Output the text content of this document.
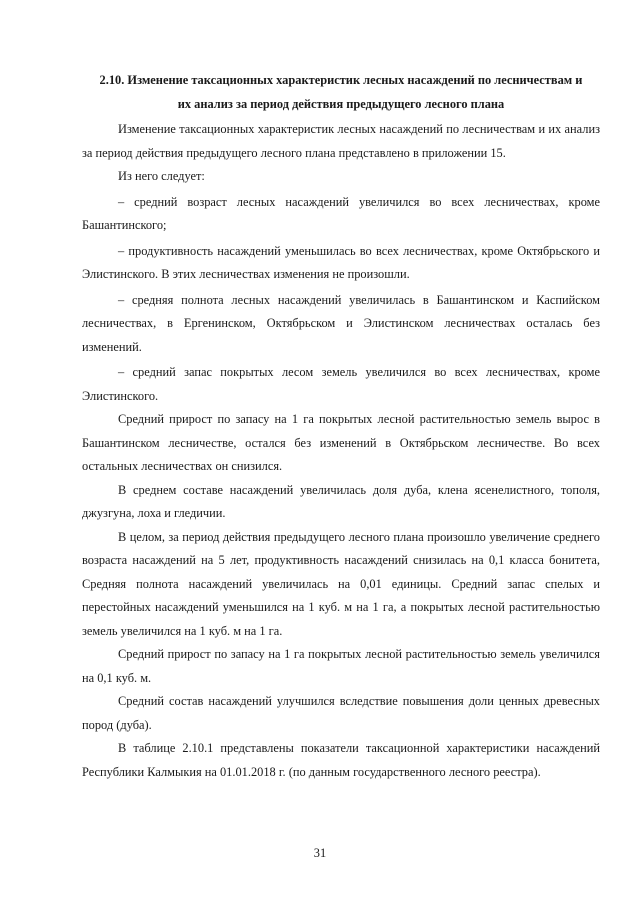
2.10. Изменение таксационных характеристик лесных насаждений по лесничествам и
их анализ за период действия предыдущего лесного плана

Изменение таксационных характеристик лесных насаждений по лесничествам и их анализ за период действия предыдущего лесного плана представлено в приложении 15.

Из него следует:

– средний возраст лесных насаждений увеличился во всех лесничествах, кроме Башантинского;

– продуктивность насаждений уменьшилась во всех лесничествах, кроме Октябрьского и Элистинского. В этих лесничествах изменения не произошли.

– средняя полнота лесных насаждений увеличилась в Башантинском и Каспийском лесничествах, в Ергенинском, Октябрьском и Элистинском лесничествах осталась без изменений.

– средний запас покрытых лесом земель увеличился во всех лесничествах, кроме Элистинского.

Средний прирост по запасу на 1 га покрытых лесной растительностью земель вырос в Башантинском лесничестве, остался без изменений в Октябрьском лесничестве. Во всех остальных лесничествах он снизился.

В среднем составе насаждений увеличилась доля дуба, клена ясенелистного, тополя, джузгуна, лоха и гледичии.

В целом, за период действия предыдущего лесного плана произошло увеличение среднего возраста насаждений на 5 лет, продуктивность насаждений снизилась на 0,1 класса бонитета, Средняя полнота насаждений увеличилась на 0,01 единицы. Средний запас спелых и перестойных насаждений уменьшился на 1 куб. м на 1 га, а покрытых лесной растительностью земель увеличился на 1 куб. м на 1 га.

Средний прирост по запасу на 1 га покрытых лесной растительностью земель увеличился на 0,1 куб. м.

Средний состав насаждений улучшился вследствие повышения доли ценных древесных пород (дуба).

В таблице 2.10.1 представлены показатели таксационной характеристики насаждений Республики Калмыкия на 01.01.2018 г. (по данным государственного лесного реестра).

31
